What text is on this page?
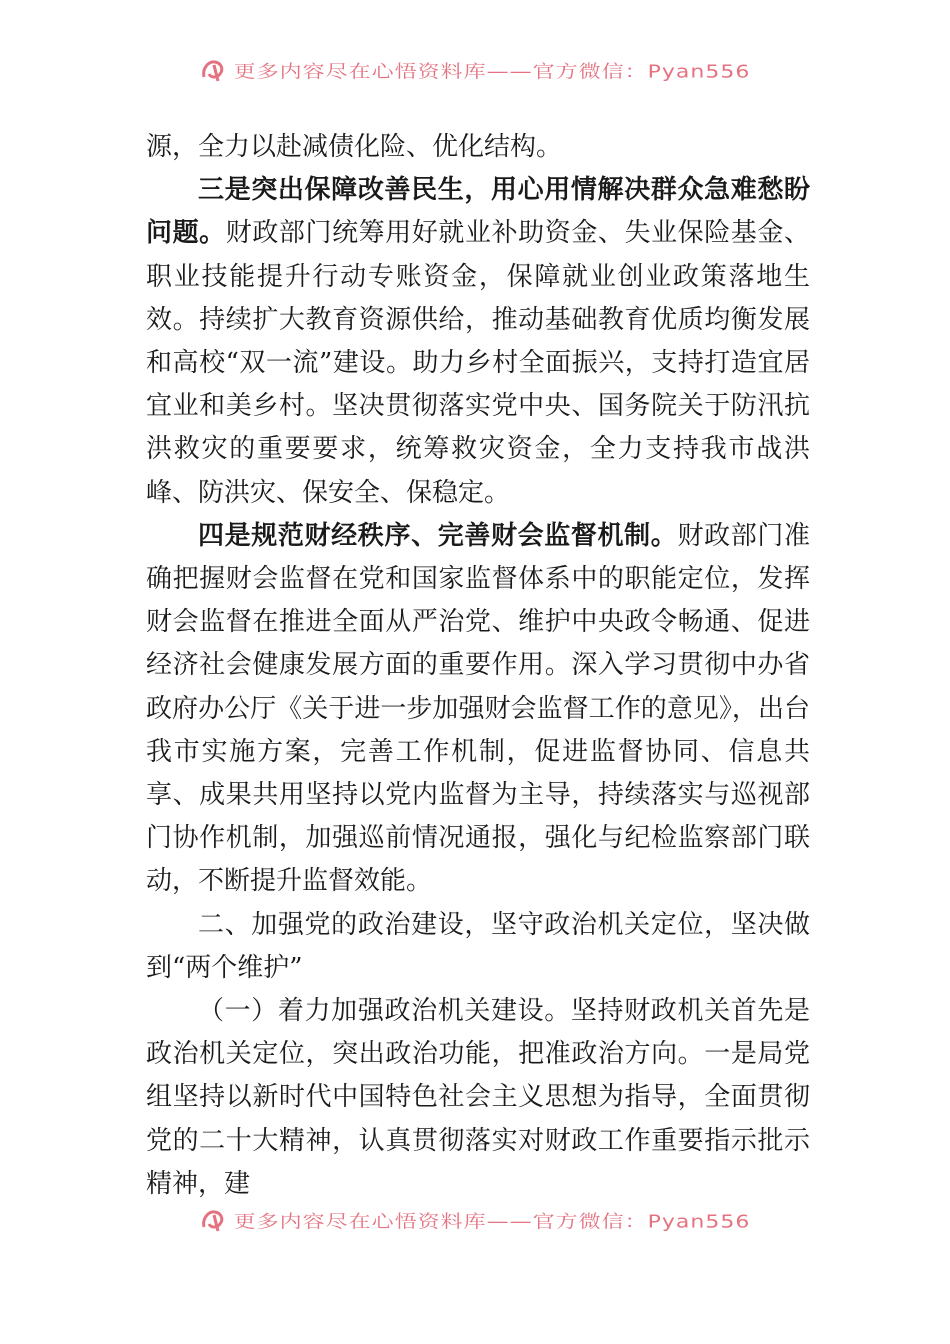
更多内容尽在心悟资料库——官方微信：Pyan556

源，全力以赴减债化险、优化结构。

三是突出保障改善民生，用心用情解决群众急难愁盼问题。财政部门统筹用好就业补助资金、失业保险基金、职业技能提升行动专账资金，保障就业创业政策落地生效。持续扩大教育资源供给，推动基础教育优质均衡发展和高校“双一流”建设。助力乡村全面振兴，支持打造宜居宜业和美乡村。坚决贯彻落实党中央、国务院关于防汛抗洪救灾的重要要求，统筹救灾资金，全力支持我市战洪峰、防洪灾、保安全、保稳定。

四是规范财经秩序、完善财会监督机制。财政部门准确把握财会监督在党和国家监督体系中的职能定位，发挥财会监督在推进全面从严治党、维护中央政令畅通、促进经济社会健康发展方面的重要作用。深入学习贯彻中办省政府办公厅《关于进一步加强财会监督工作的意见》，出台我市实施方案，完善工作机制，促进监督协同、信息共享、成果共用坚持以党内监督为主导，持续落实与巡视部门协作机制，加强巡前情况通报，强化与纪检监察部门联动，不断提升监督效能。

二、加强党的政治建设，坚守政治机关定位，坚决做到“两个维护”

（一）着力加强政治机关建设。坚持财政机关首先是政治机关定位，突出政治功能，把准政治方向。一是局党组坚持以新时代中国特色社会主义思想为指导，全面贯彻党的二十大精神，认真贯彻落实对财政工作重要指示批示精神，建

更多内容尽在心悟资料库——官方微信：Pyan556
